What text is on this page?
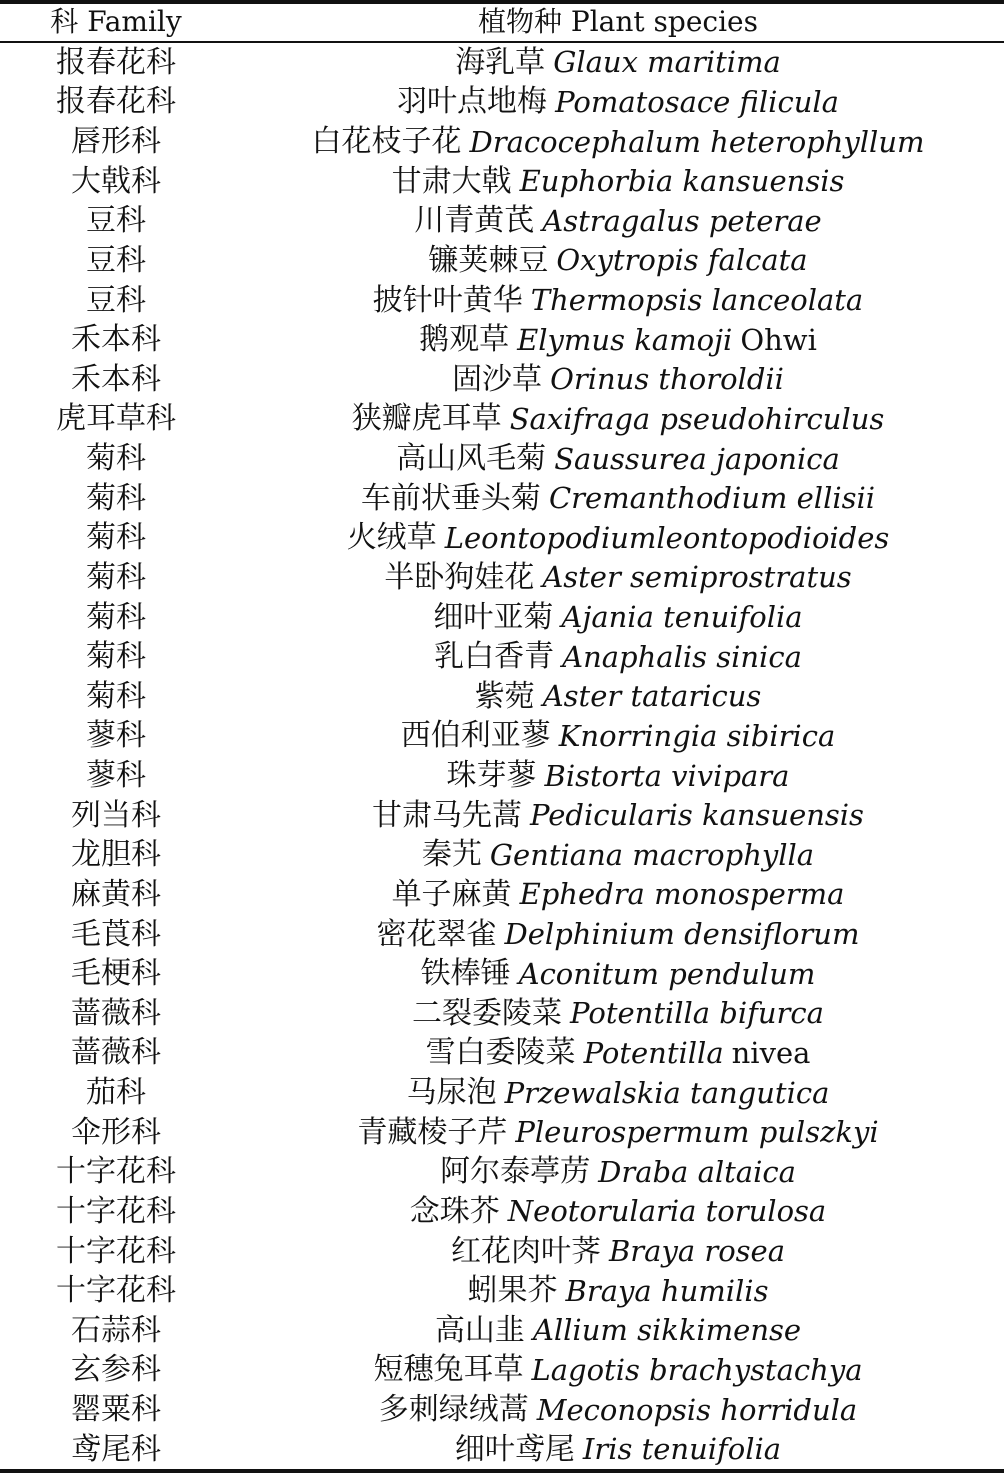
科 Family	植物种 Plant species
报春花科	海乳草 Glaux maritima
报春花科	羽叶点地梅 Pomatosace filicula
唇形科	白花枝子花 Dracocephalum heterophyllum
大戟科	甘肃大戟 Euphorbia kansuensis
豆科	川青黄芪 Astragalus peterae
豆科	镰荚棘豆 Oxytropis falcata
豆科	披针叶黄华 Thermopsis lanceolata
禾本科	鹅观草 Elymus kamoji Ohwi
禾本科	固沙草 Orinus thoroldii
虎耳草科	狭瓣虎耳草 Saxifraga pseudohirculus
菊科	高山风毛菊 Saussurea japonica
菊科	车前状垂头菊 Cremanthodium ellisii
菊科	火绒草 Leontopodiumleontopodioides
菊科	半卧狗娃花 Aster semiprostratus
菊科	细叶亚菊 Ajania tenuifolia
菊科	乳白香青 Anaphalis sinica
菊科	紫菀 Aster tataricus
蓼科	西伯利亚蓼 Knorringia sibirica
蓼科	珠芽蓼 Bistorta vivipara
列当科	甘肃马先蒿 Pedicularis kansuensis
龙胆科	秦艽 Gentiana macrophylla
麻黄科	单子麻黄 Ephedra monosperma
毛莨科	密花翠雀 Delphinium densiflorum
毛梗科	铁棒锤 Aconitum pendulum
蔷薇科	二裂委陵菜 Potentilla bifurca
蔷薇科	雪白委陵菜 Potentilla nivea
茄科	马尿泡 Przewalskia tangutica
伞形科	青藏棱子芹 Pleurospermum pulszkyi
十字花科	阿尔泰葶苈 Draba altaica
十字花科	念珠芥 Neotorularia torulosa
十字花科	红花肉叶荠 Braya rosea
十字花科	蚓果芥 Braya humilis
石蒜科	高山韭 Allium sikkimense
玄参科	短穗兔耳草 Lagotis brachystachya
罂粟科	多刺绿绒蒿 Meconopsis horridula
鸢尾科	细叶鸢尾 Iris tenuifolia
